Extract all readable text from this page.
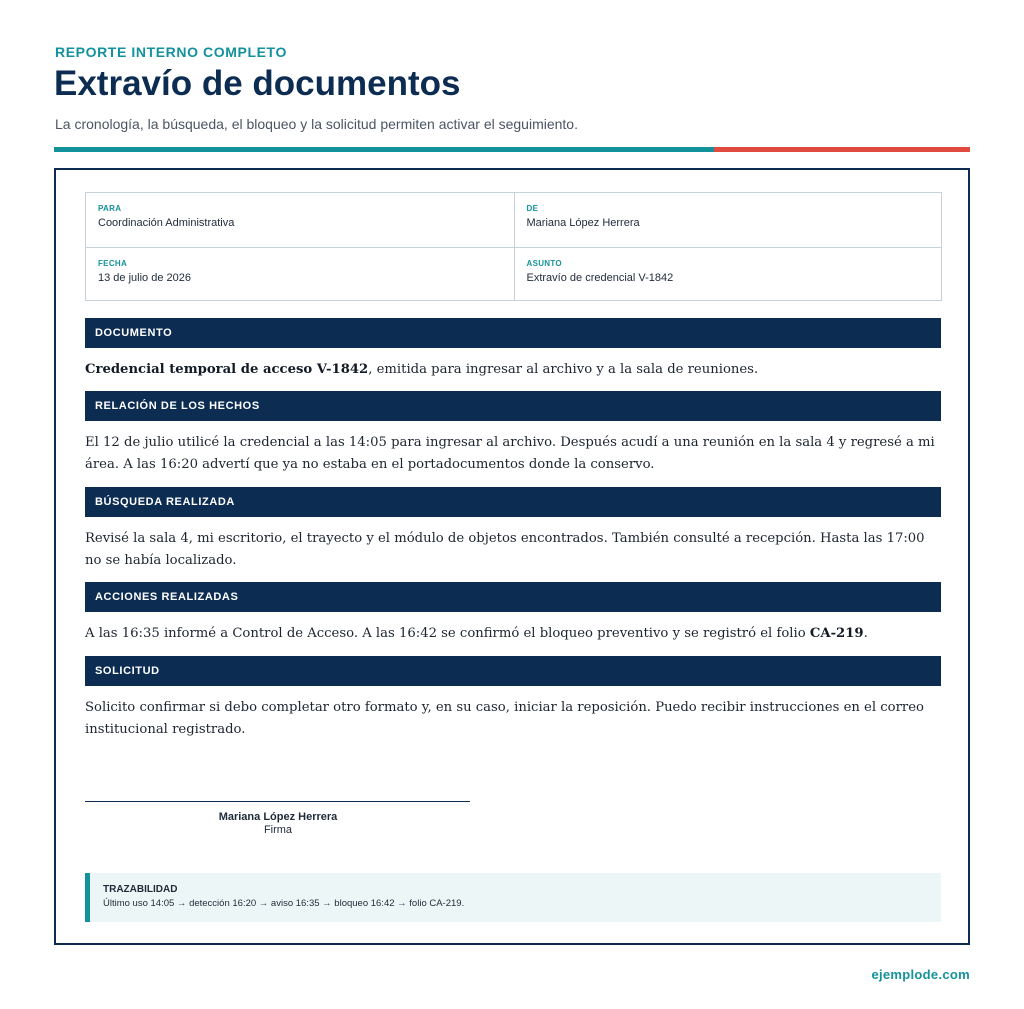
REPORTE INTERNO COMPLETO
Extravío de documentos

La cronología, la búsqueda, el bloqueo y la solicitud permiten activar el seguimiento.

PARA
Coordinación Administrativa
DE
Mariana López Herrera
FECHA
13 de julio de 2026
ASUNTO
Extravío de credencial V-1842
DOCUMENTO

Credencial temporal de acceso V-1842, emitida para ingresar al archivo y a la sala de reuniones.

RELACIÓN DE LOS HECHOS

El 12 de julio utilicé la credencial a las 14:05 para ingresar al archivo. Después acudí a una reunión en la sala 4 y regresé a mi área. A las 16:20 advertí que ya no estaba en el portadocumentos donde la conservo.

BÚSQUEDA REALIZADA

Revisé la sala 4, mi escritorio, el trayecto y el módulo de objetos encontrados. También consulté a recepción. Hasta las 17:00 no se había localizado.

ACCIONES REALIZADAS

A las 16:35 informé a Control de Acceso. A las 16:42 se confirmó el bloqueo preventivo y se registró el folio CA-219.

SOLICITUD

Solicito confirmar si debo completar otro formato y, en su caso, iniciar la reposición. Puedo recibir instrucciones en el correo institucional registrado.

Mariana López Herrera
Firma
TRAZABILIDAD
Último uso 14:05 → detección 16:20 → aviso 16:35 → bloqueo 16:42 → folio CA-219.
ejemplode.com
